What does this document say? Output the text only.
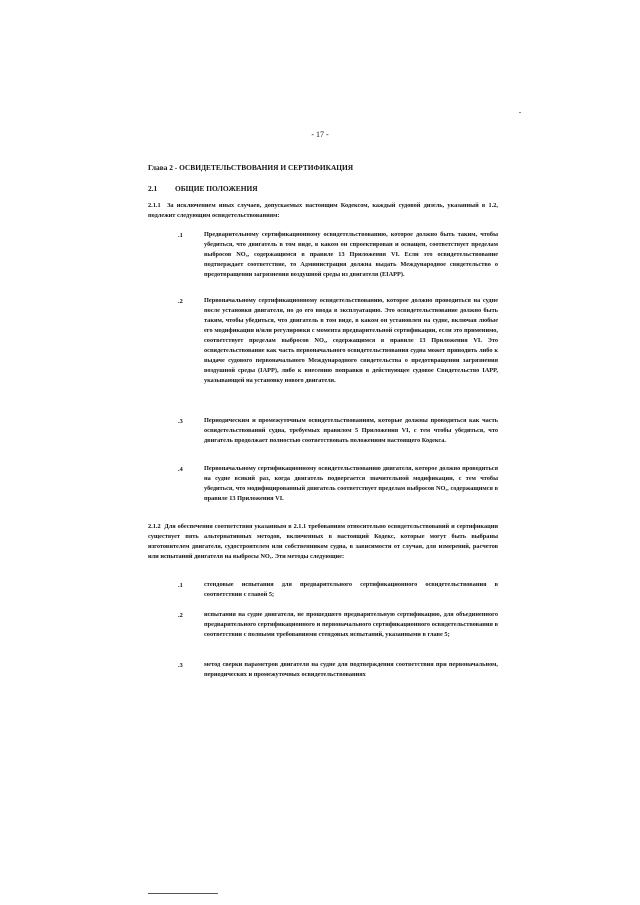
- 17 -
Глава 2 - ОСВИДЕТЕЛЬСТВОВАНИЯ И СЕРТИФИКАЦИЯ
2.1 ОБЩИЕ ПОЛОЖЕНИЯ

2.1.1 За исключением иных случаев, допускаемых настоящим Кодексом, каждый судовой дизель, указанный в 1.2, подлежит следующим освидетельствованиям:

.1	Предварительному сертификационному освидетельствованию, которое должно быть таким, чтобы убедиться, что двигатель в том виде, в каком он спроектирован и оснащен, соответствует пределам выбросов NOₓ, содержащимся в правиле 13 Приложения VI. Если это освидетельствование подтверждает соответствие, то Администрация должна выдать Международное свидетельство о предотвращении загрязнения воздушной среды из двигателя (EIAPP).

.2	Первоначальному сертификационному освидетельствованию, которое должно проводиться на судне после установки двигателя, но до его ввода в эксплуатацию. Это освидетельствование должно быть таким, чтобы убедиться, что двигатель в том виде, в каком он установлен на судне, включая любые его модификации и/или регулировки с момента предварительной сертификации, если это применимо, соответствует пределам выбросов NOₓ, содержащимся в правиле 13 Приложения VI. Это освидетельствование как часть первоначального освидетельствования судна может приводить либо к выдаче судового первоначального Международного свидетельства о предотвращении загрязнения воздушной среды (IAPP), либо к внесению поправки в действующее судовое Свидетельство IAPP, указывающей на установку нового двигателя.

.3	Периодическим и промежуточным освидетельствованиям, которые должны проводиться как часть освидетельствований судна, требуемых правилом 5 Приложения VI, с тем чтобы убедиться, что двигатель продолжает полностью соответствовать положениям настоящего Кодекса.

.4	Первоначальному сертификационному освидетельствованию двигателя, которое должно проводиться на судне всякий раз, когда двигатель подвергается значительной модификации, с тем чтобы убедиться, что модифицированный двигатель соответствует пределам выбросов NOₓ, содержащимся в правиле 13 Приложения VI.

2.1.2 Для обеспечения соответствия указанным в 2.1.1 требованиям относительно освидетельствований и сертификации существует пять альтернативных методов, включенных в настоящий Кодекс, которые могут быть выбраны изготовителем двигателя, судостроителем или собственником судна, в зависимости от случая, для измерений, расчетов или испытаний двигателя на выбросы NOₓ. Эти методы следующие:

.1	стендовые испытания для предварительного сертификационного освидетельствования в соответствии с главой 5;

.2	испытания на судне двигателя, не прошедшего предварительную сертификацию, для объединенного предварительного сертификационного и первоначального сертификационного освидетельствования в соответствии с полными требованиями стендовых испытаний, указанными в главе 5;

.3	метод сверки параметров двигателя на судне для подтверждения соответствия при первоначальном, периодических и промежуточных освидетельствованиях
